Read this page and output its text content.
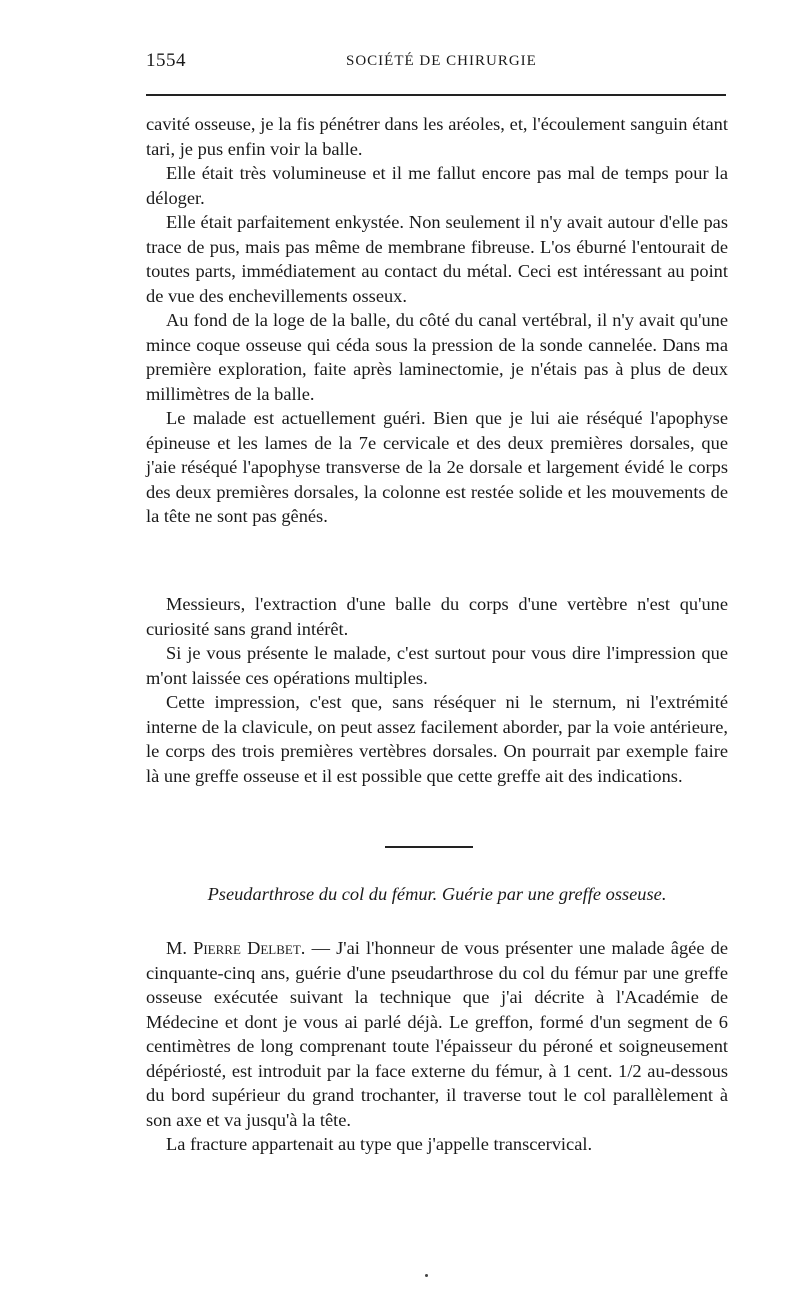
1554	SOCIÉTÉ DE CHIRURGIE

cavité osseuse, je la fis pénétrer dans les aréoles, et, l'écoulement sanguin étant tari, je pus enfin voir la balle.

Elle était très volumineuse et il me fallut encore pas mal de temps pour la déloger.

Elle était parfaitement enkystée. Non seulement il n'y avait autour d'elle pas trace de pus, mais pas même de membrane fibreuse. L'os éburné l'entourait de toutes parts, immédiatement au contact du métal. Ceci est intéressant au point de vue des enchevillements osseux.

Au fond de la loge de la balle, du côté du canal vertébral, il n'y avait qu'une mince coque osseuse qui céda sous la pression de la sonde cannelée. Dans ma première exploration, faite après laminectomie, je n'étais pas à plus de deux millimètres de la balle.

Le malade est actuellement guéri. Bien que je lui aie réséqué l'apophyse épineuse et les lames de la 7e cervicale et des deux premières dorsales, que j'aie réséqué l'apophyse transverse de la 2e dorsale et largement évidé le corps des deux premières dorsales, la colonne est restée solide et les mouvements de la tête ne sont pas gênés.

Messieurs, l'extraction d'une balle du corps d'une vertèbre n'est qu'une curiosité sans grand intérêt.

Si je vous présente le malade, c'est surtout pour vous dire l'impression que m'ont laissée ces opérations multiples.

Cette impression, c'est que, sans réséquer ni le sternum, ni l'extrémité interne de la clavicule, on peut assez facilement aborder, par la voie antérieure, le corps des trois premières vertèbres dorsales. On pourrait par exemple faire là une greffe osseuse et il est possible que cette greffe ait des indications.

Pseudarthrose du col du fémur. Guérie par une greffe osseuse.

M. Pierre Delbet. — J'ai l'honneur de vous présenter une malade âgée de cinquante-cinq ans, guérie d'une pseudarthrose du col du fémur par une greffe osseuse exécutée suivant la technique que j'ai décrite à l'Académie de Médecine et dont je vous ai parlé déjà. Le greffon, formé d'un segment de 6 centimètres de long comprenant toute l'épaisseur du péroné et soigneusement dépériosté, est introduit par la face externe du fémur, à 1 cent. 1/2 au-dessous du bord supérieur du grand trochanter, il traverse tout le col parallèlement à son axe et va jusqu'à la tête.

La fracture appartenait au type que j'appelle transcervical.
